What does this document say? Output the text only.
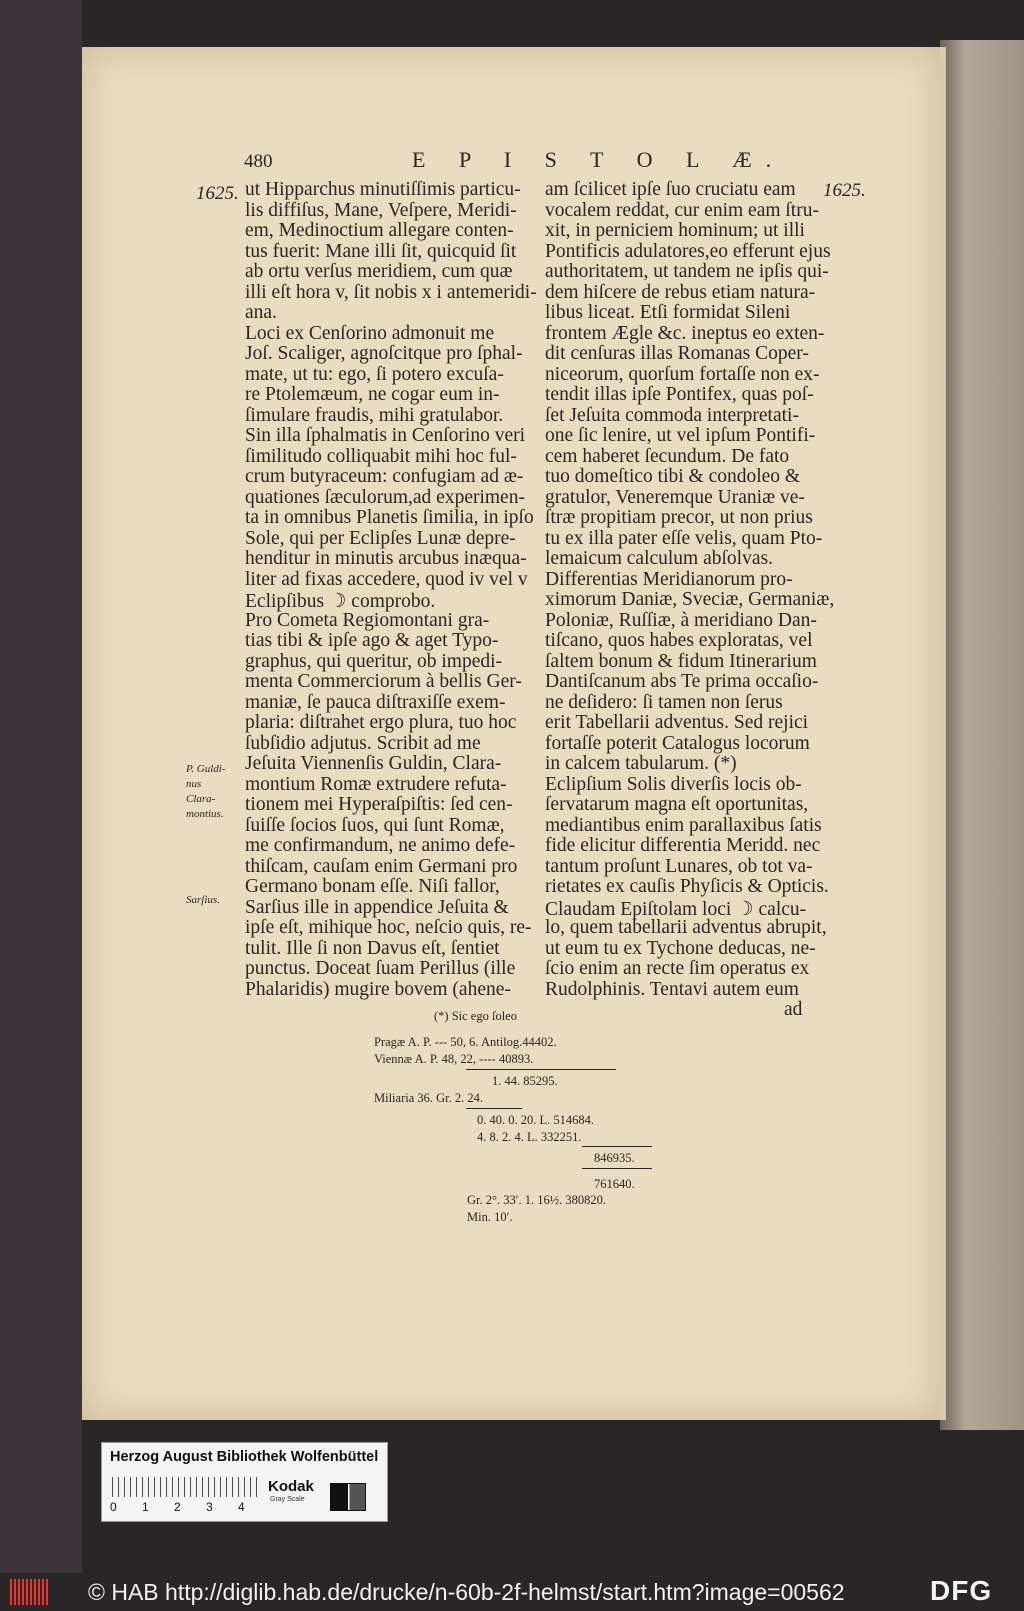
480	E P I S T O L Æ.
1625.	1625.
ut Hipparchus minutiſſimis particu-
lis diffiſus, Mane, Veſpere, Meridi-
em, Medinoctium allegare conten-
tus fuerit: Mane illi ſit, quicquid ſit
ab ortu verſus meridiem, cum quæ
illi eſt hora v, ſit nobis x i antemeridi-
ana.
Loci ex Cenſorino admonuit me
Joſ. Scaliger, agnoſcitque pro ſphal-
mate, ut tu: ego, ſi potero excuſa-
re Ptolemæum, ne cogar eum in-
ſimulare fraudis, mihi gratulabor.
Sin illa ſphalmatis in Cenſorino veri
ſimilitudo colliquabit mihi hoc ful-
crum butyraceum: confugiam ad æ-
quationes ſæculorum,ad experimen-
ta in omnibus Planetis ſimilia, in ipſo
Sole, qui per Eclipſes Lunæ depre-
henditur in minutis arcubus inæqua-
liter ad fixas accedere, quod iv vel v
Eclipſibus ☽ comprobo.
Pro Cometa Regiomontani gra-
tias tibi & ipſe ago & aget Typo-
graphus, qui queritur, ob impedi-
menta Commerciorum à bellis Ger-
maniæ, ſe pauca diſtraxiſſe exem-
plaria: diſtrahet ergo plura, tuo hoc
ſubſidio adjutus. Scribit ad me
Jeſuita Viennenſis Guldin, Clara-
montium Romæ extrudere refuta-
tionem mei Hyperaſpiſtis: ſed cen-
ſuiſſe ſocios ſuos, qui ſunt Romæ,
me confirmandum, ne animo defe-
thiſcam, cauſam enim Germani pro
Germano bonam eſſe. Niſi fallor,
Sarſius ille in appendice Jeſuita &
ipſe eſt, mihique hoc, neſcio quis, re-
tulit. Ille ſi non Davus eſt, ſentiet
punctus. Doceat ſuam Perillus (ille
Phalaridis) mugire bovem (ahene-
am ſcilicet ipſe ſuo cruciatu eam
vocalem reddat, cur enim eam ſtru-
xit, in perniciem hominum; ut illi
Pontificis adulatores,eo efferunt ejus
authoritatem, ut tandem ne ipſis qui-
dem hiſcere de rebus etiam natura-
libus liceat. Etſi formidat Sileni
frontem Ægle &c. ineptus eo exten-
dit cenſuras illas Romanas Coper-
niceorum, quorſum fortaſſe non ex-
tendit illas ipſe Pontifex, quas poſ-
ſet Jeſuita commoda interpretati-
one ſic lenire, ut vel ipſum Pontifi-
cem haberet ſecundum. De fato
tuo domeſtico tibi & condoleo &
gratulor, Veneremque Uraniæ ve-
ſtræ propitiam precor, ut non prius
tu ex illa pater eſſe velis, quam Pto-
lemaicum calculum abſolvas.
Differentias Meridianorum pro-
ximorum Daniæ, Sveciæ, Germaniæ,
Poloniæ, Ruſſiæ, à meridiano Dan-
tiſcano, quos habes exploratas, vel
ſaltem bonum & fidum Itinerarium
Dantiſcanum abs Te prima occaſio-
ne deſidero: ſi tamen non ſerus
erit Tabellarii adventus. Sed rejici
fortaſſe poterit Catalogus locorum
in calcem tabularum. (*)
Eclipſium Solis diverſis locis ob-
ſervatarum magna eſt oportunitas,
mediantibus enim parallaxibus ſatis
fide elicitur differentia Meridd. nec
tantum proſunt Lunares, ob tot va-
rietates ex cauſis Phyſicis & Opticis.
Claudam Epiſtolam loci ☽ calcu-
lo, quem tabellarii adventus abrupit,
ut eum tu ex Tychone deducas, ne-
ſcio enim an recte ſim operatus ex
Rudolphinis. Tentavi autem eum
ad
P. Guldi-
nus
Clara-
montius.
Sarſius.
(*) Sic ego ſoleo
Pragæ A. P. --- 50, 6. Antilog.44402.
Viennæ A. P. 48, 22, ---- 40893.
1. 44. 85295.
Miliaria 36. Gr. 2. 24.
0. 40. 0. 20. L. 514684.
4. 8. 2. 4. L. 332251.
846935.
761640.
Gr. 2°. 33′. 1. 16½. 380820.
Min. 10′.
Herzog August Bibliothek Wolfenbüttel
0 1 2 3 4
Kodak
Gray Scale
© HAB http://diglib.hab.de/drucke/n-60b-2f-helmst/start.htm?image=00562	DFG
